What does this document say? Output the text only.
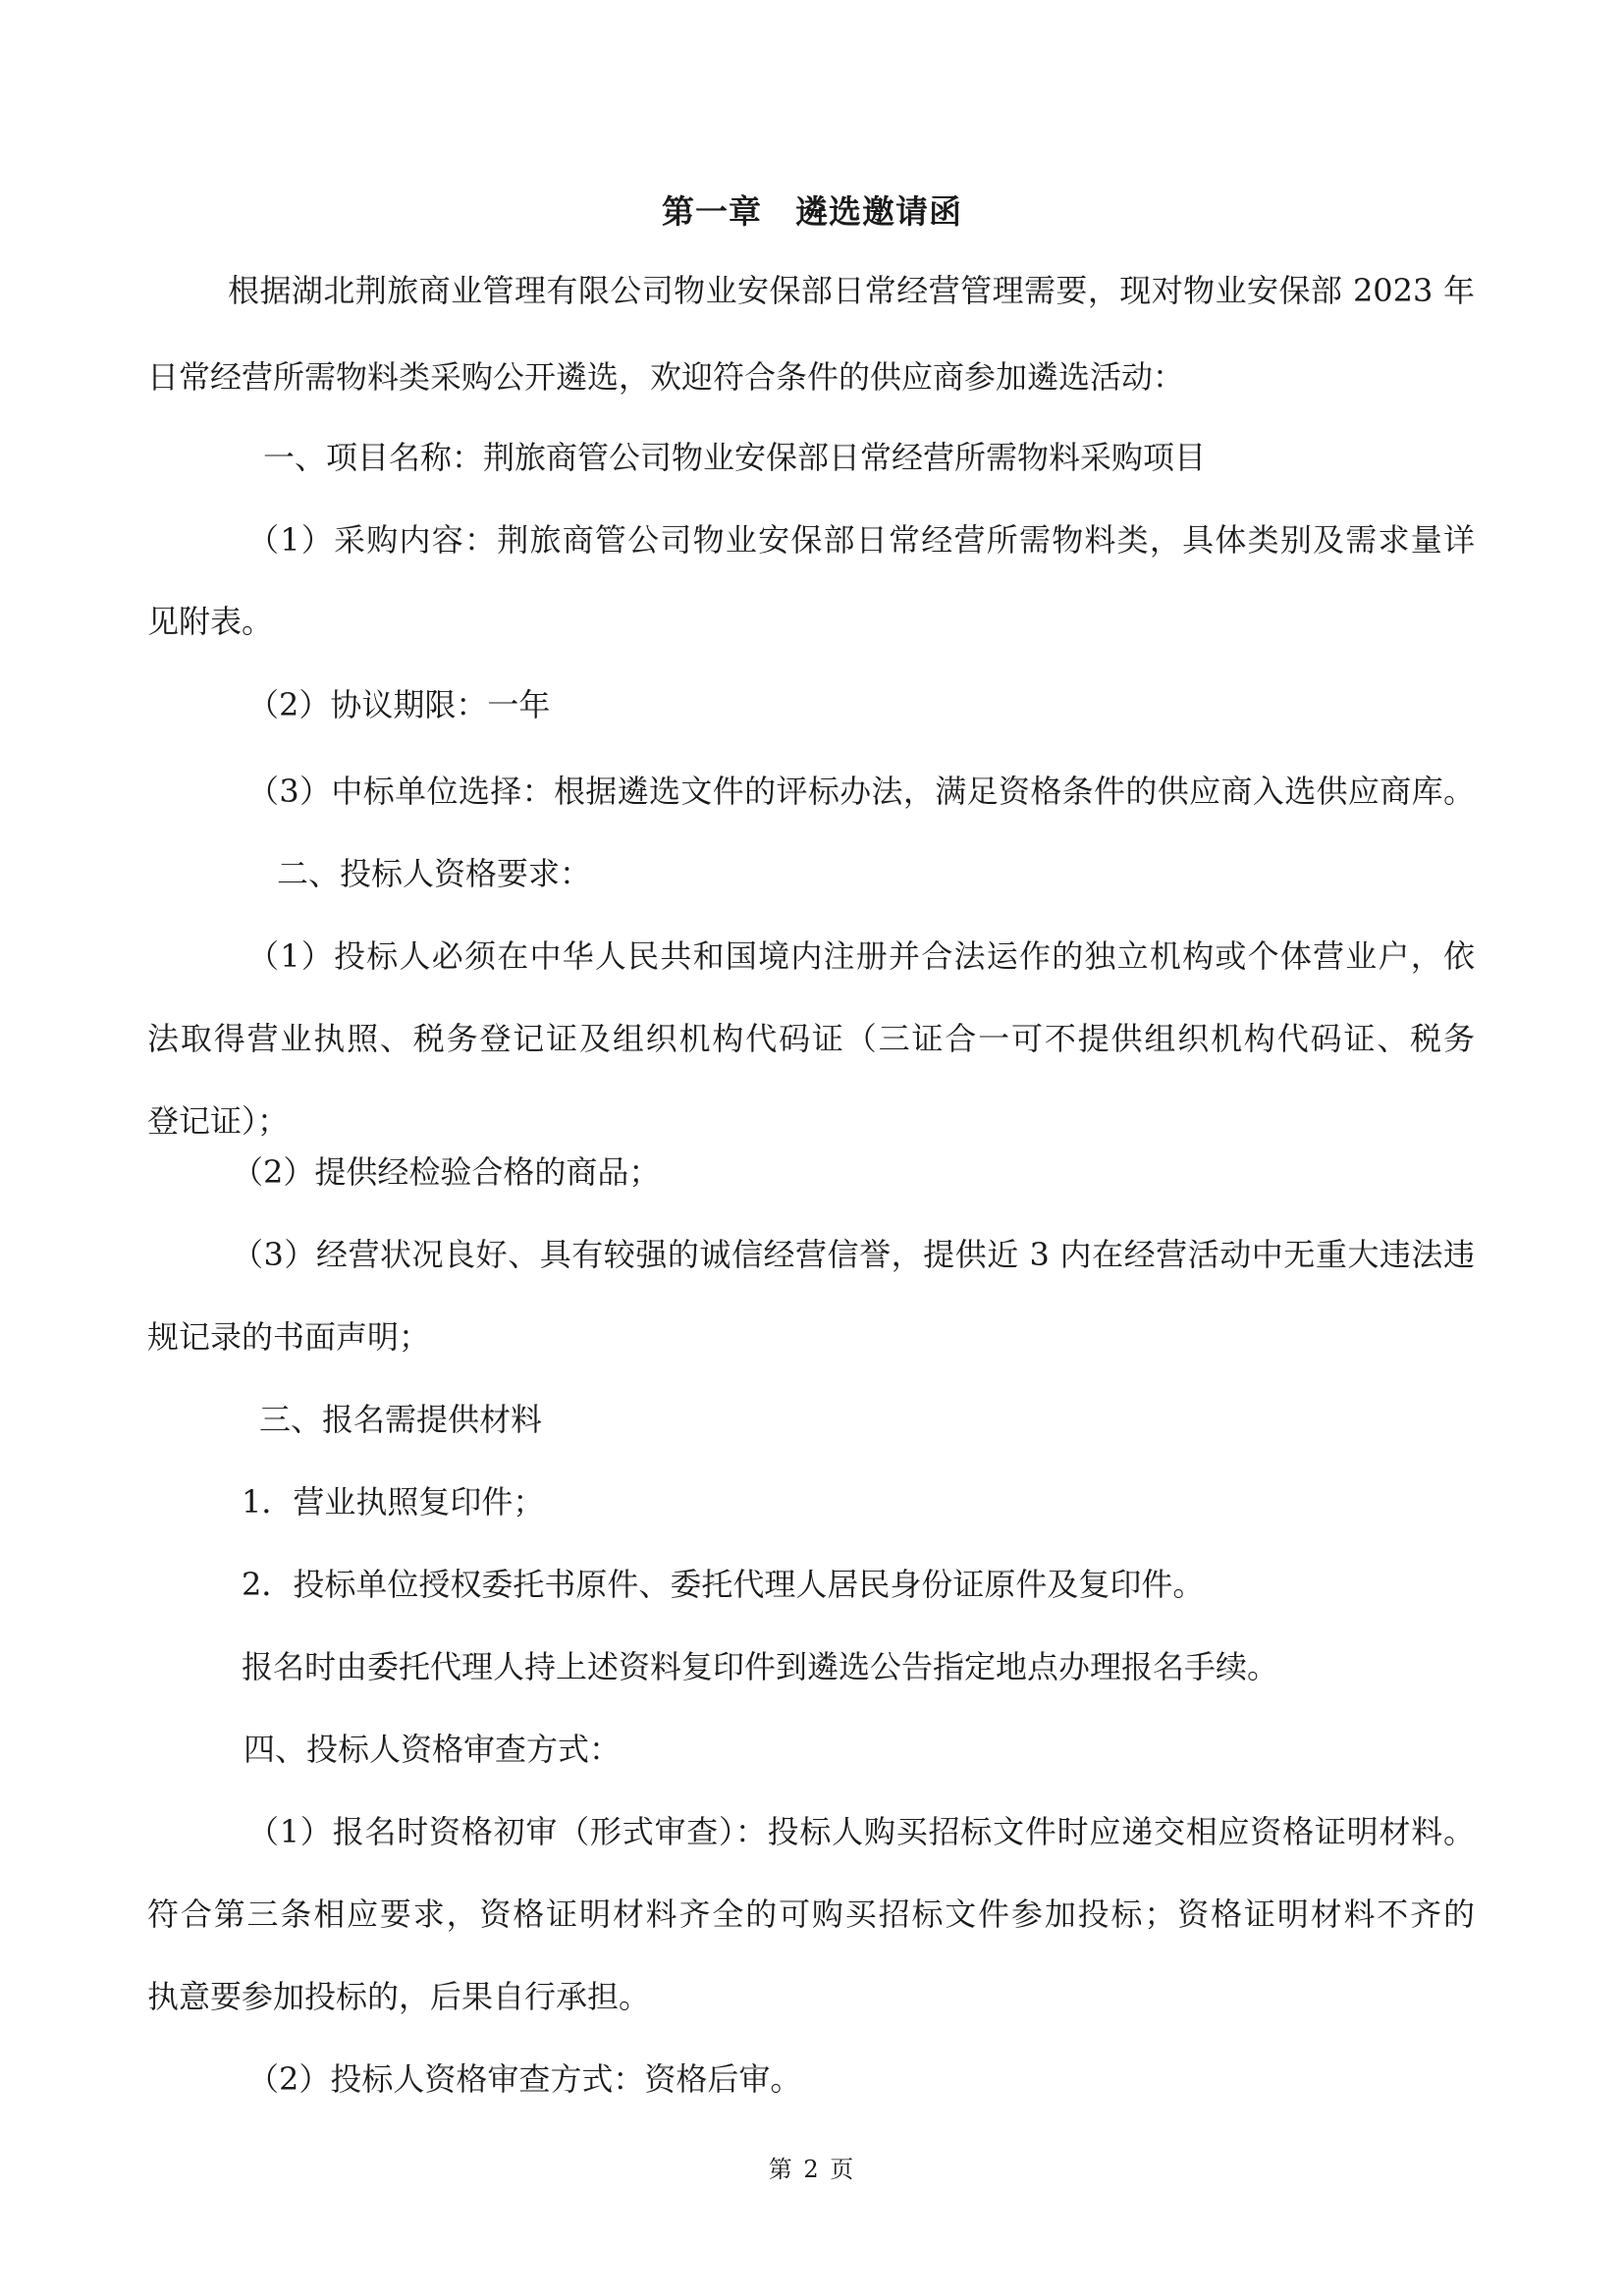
第一章　遴选邀请函
根据湖北荆旅商业管理有限公司物业安保部日常经营管理需要，现对物业安保部 2023 年
日常经营所需物料类采购公开遴选，欢迎符合条件的供应商参加遴选活动：
一、项目名称：荆旅商管公司物业安保部日常经营所需物料采购项目
（1）采购内容：荆旅商管公司物业安保部日常经营所需物料类，具体类别及需求量详
见附表。
（2）协议期限：一年
（3）中标单位选择：根据遴选文件的评标办法，满足资格条件的供应商入选供应商库。
二、投标人资格要求：
（1）投标人必须在中华人民共和国境内注册并合法运作的独立机构或个体营业户，依
法取得营业执照、税务登记证及组织机构代码证（三证合一可不提供组织机构代码证、税务
登记证）；
（2）提供经检验合格的商品；
（3）经营状况良好、具有较强的诚信经营信誉，提供近 3 内在经营活动中无重大违法违
规记录的书面声明；
三、报名需提供材料
1．营业执照复印件；
2．投标单位授权委托书原件、委托代理人居民身份证原件及复印件。
报名时由委托代理人持上述资料复印件到遴选公告指定地点办理报名手续。
四、投标人资格审查方式：
（1）报名时资格初审（形式审查）：投标人购买招标文件时应递交相应资格证明材料。
符合第三条相应要求，资格证明材料齐全的可购买招标文件参加投标；资格证明材料不齐的
执意要参加投标的，后果自行承担。
（2）投标人资格审查方式：资格后审。
第 2 页
